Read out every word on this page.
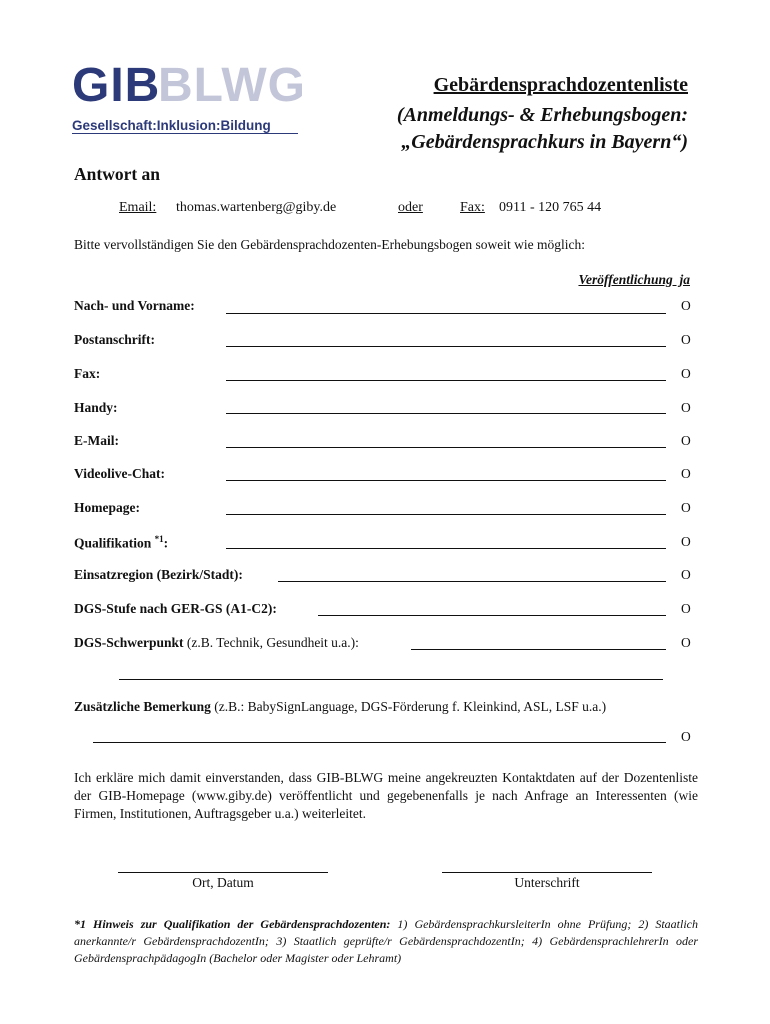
GIB
BLWG
Gesellschaft:Inklusion:Bildung
Gebärdensprachdozentenliste
(Anmeldungs- & Erhebungsbogen:
„Gebärdensprachkurs in Bayern“)
Antwort an
Email: thomas.wartenberg@giby.de	oder	Fax: 0911 - 120 765 44
Bitte vervollständigen Sie den Gebärdensprachdozenten-Erhebungsbogen soweit wie möglich:
Veröffentlichung  ja
Nach- und Vorname:	O
Postanschrift:	O
Fax:	O
Handy:	O
E-Mail:	O
Videolive-Chat:	O
Homepage:	O
Qualifikation $^{*1}$:	O
Einsatzregion (Bezirk/Stadt):	O
DGS-Stufe nach GER-GS (A1-C2):	O
DGS-Schwerpunkt (z.B. Technik, Gesundheit u.a.):	O
Zusätzliche Bemerkung (z.B.: BabySignLanguage, DGS-Förderung f. Kleinkind, ASL, LSF u.a.)
O
Ich erkläre mich damit einverstanden, dass GIB-BLWG meine angekreuzten Kontaktdaten auf der Dozentenliste der GIB-Homepage (www.giby.de) veröffentlicht und gegebenenfalls je nach Anfrage an Interessenten (wie Firmen, Institutionen, Auftragsgeber u.a.) weiterleitet.
Ort, Datum	Unterschrift
*1 Hinweis zur Qualifikation der Gebärdensprachdozenten: 1) GebärdensprachkursleiterIn ohne Prüfung; 2) Staatlich anerkannte/r GebärdensprachdozentIn; 3) Staatlich geprüfte/r GebärdensprachdozentIn; 4) GebärdensprachlehrerIn oder GebärdensprachpädagogIn (Bachelor oder Magister oder Lehramt)
